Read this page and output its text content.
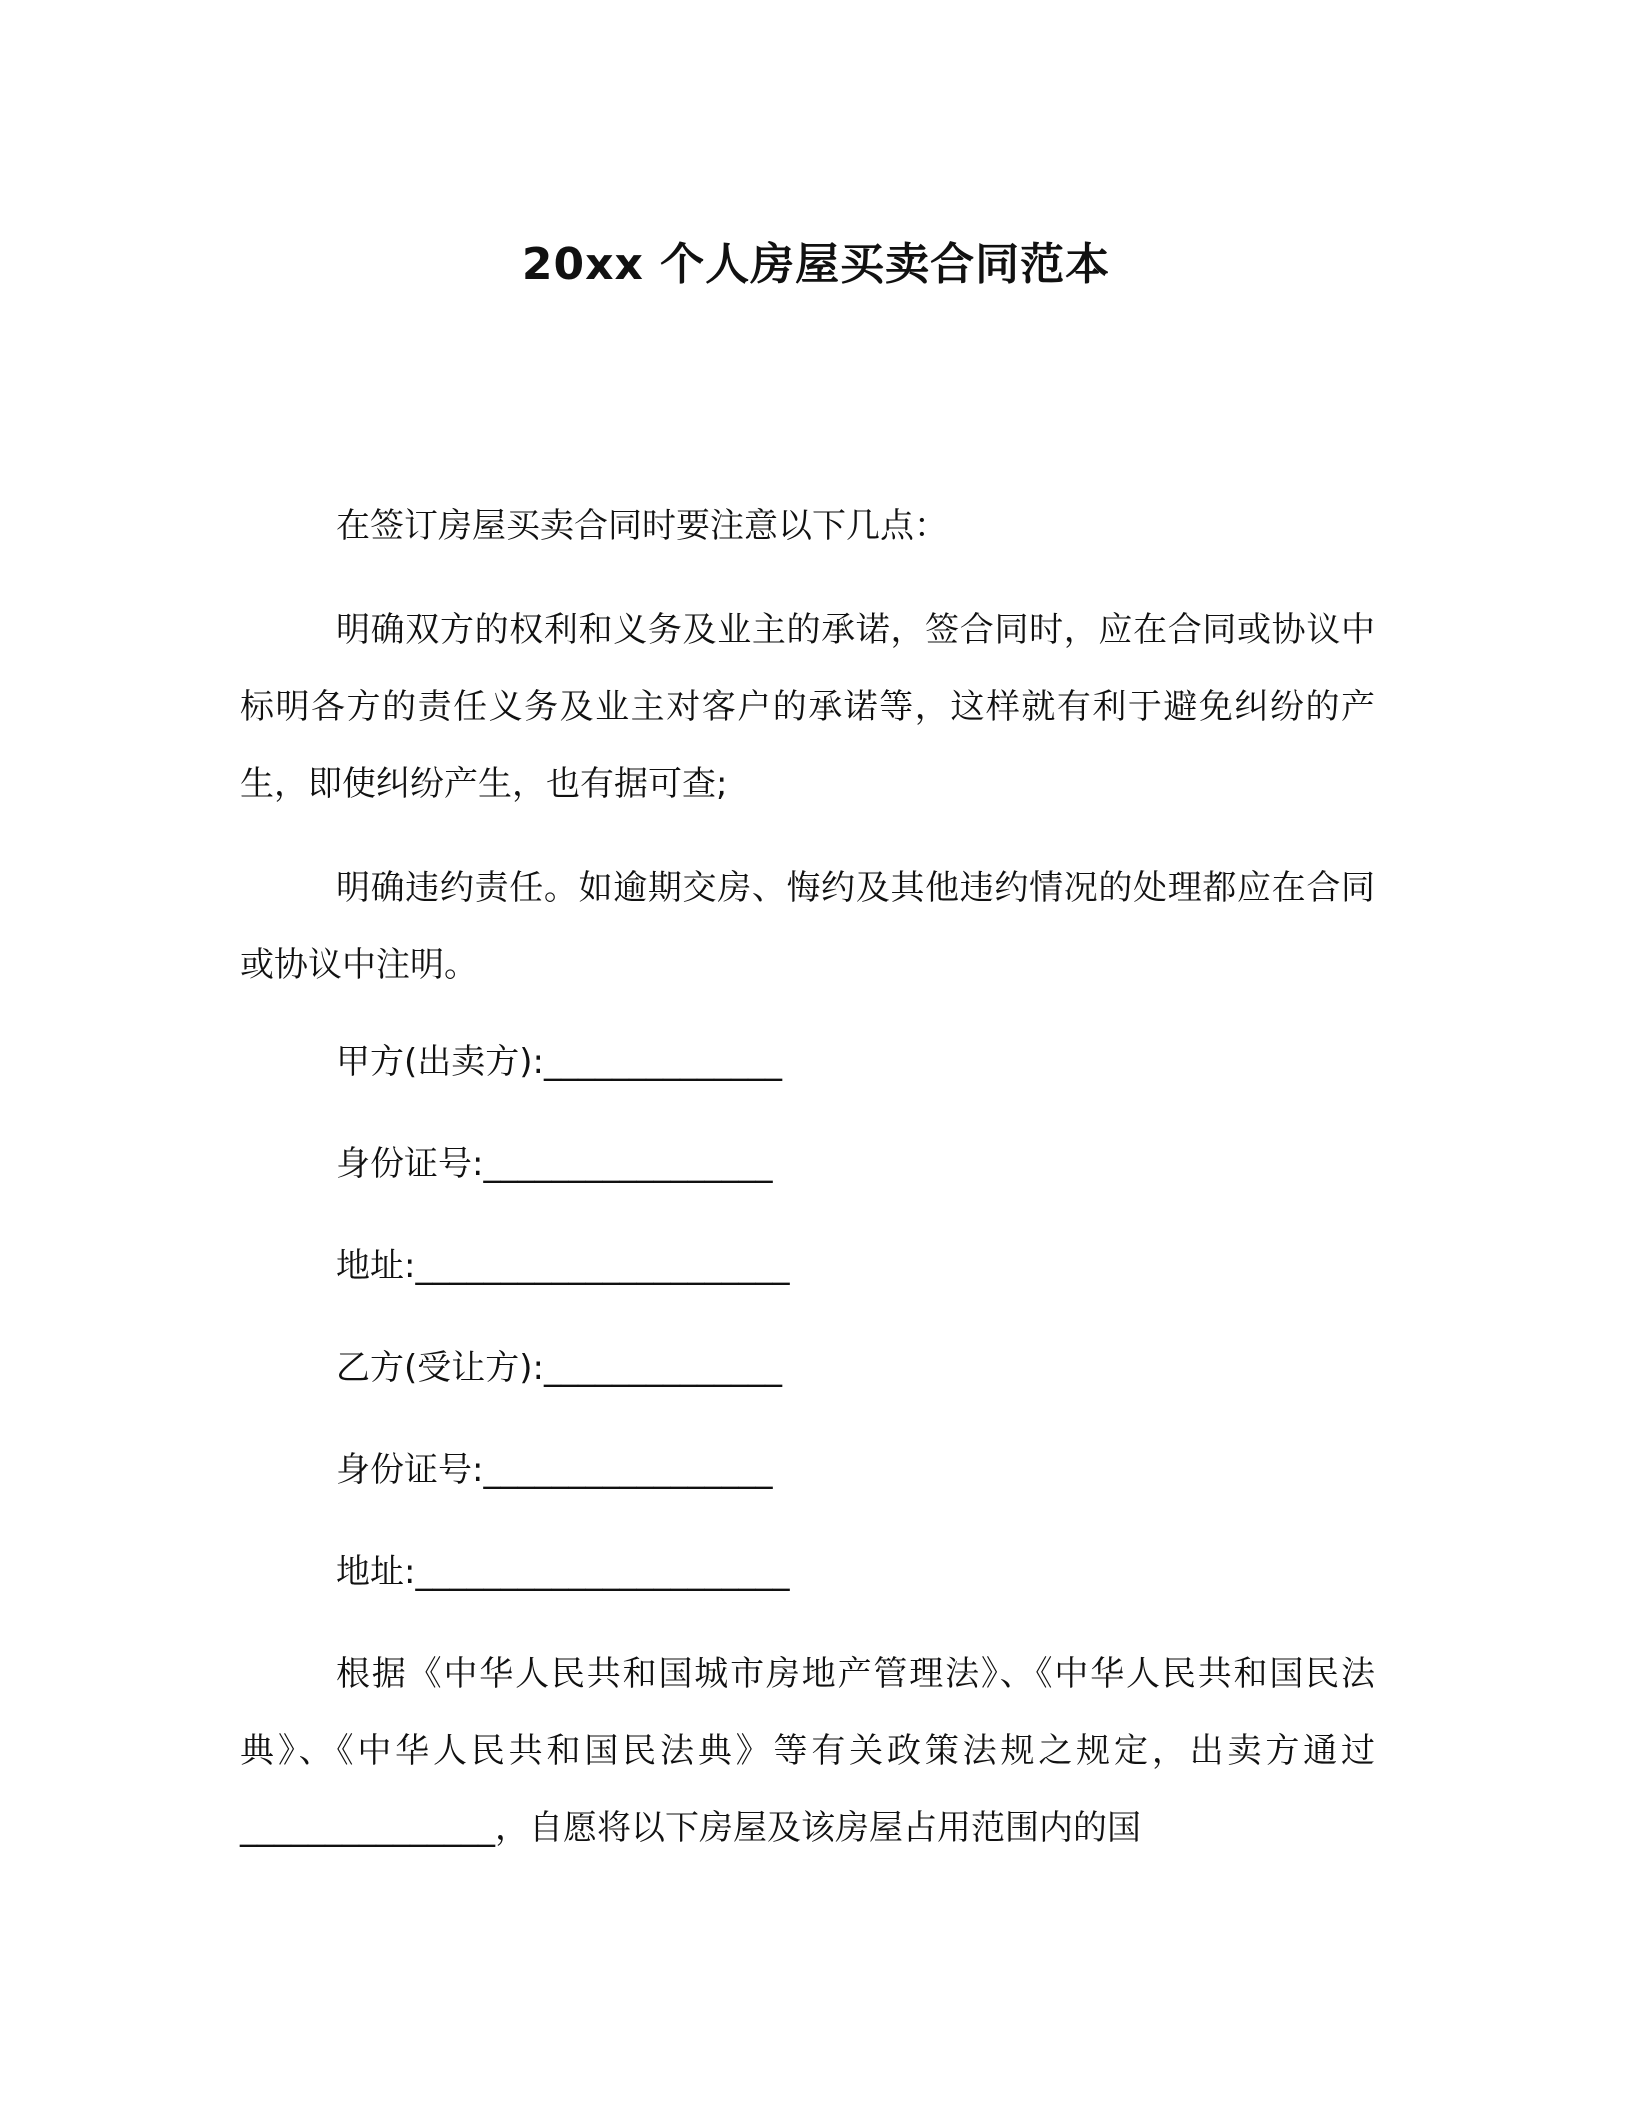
20xx 个人房屋买卖合同范本

在签订房屋买卖合同时要注意以下几点：

明确双方的权利和义务及业主的承诺，签合同时，应在合同或协议中标明各方的责任义务及业主对客户的承诺等，这样就有利于避免纠纷的产生，即使纠纷产生，也有据可查;

明确违约责任。如逾期交房、悔约及其他违约情况的处理都应在合同或协议中注明。

甲方(出卖方):______________
身份证号:_________________
地址:______________________
乙方(受让方):______________
身份证号:_________________
地址:______________________

根据《中华人民共和国城市房地产管理法》、《中华人民共和国民法典》、《中华人民共和国民法典》等有关政策法规之规定，出卖方通过_______________，自愿将以下房屋及该房屋占用范围内的国
